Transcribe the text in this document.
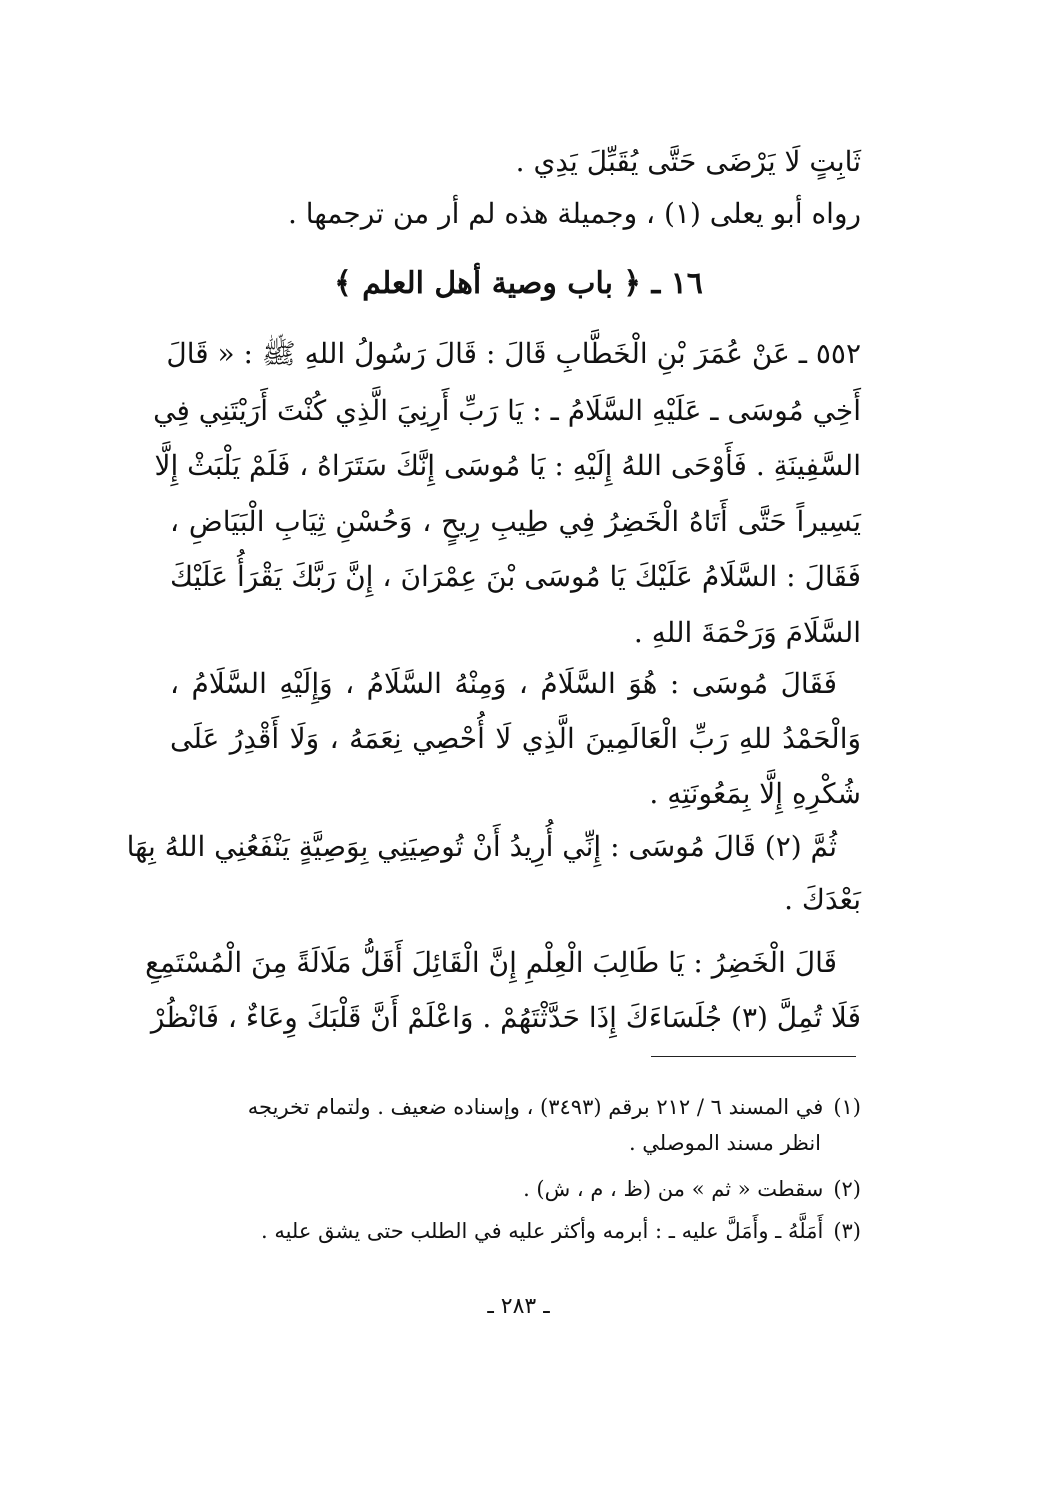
ثَابِتٍ لَا يَرْضَى حَتَّى يُقَبِّلَ يَدِي .
رواه أبو يعلى (١) ، وجميلة هذه لم أر من ترجمها .
١٦ ـ ﴿ باب وصية أهل العلم ﴾
٥٥٢ ـ عَنْ عُمَرَ بْنِ الْخَطَّابِ قَالَ : قَالَ رَسُولُ اللهِ ﷺ : « قَالَ
أَخِي مُوسَى ـ عَلَيْهِ السَّلَامُ ـ : يَا رَبِّ أَرِنِيَ الَّذِي كُنْتَ أَرَيْتَنِي فِي
السَّفِينَةِ . فَأَوْحَى اللهُ إِلَيْهِ : يَا مُوسَى إِنَّكَ سَتَرَاهُ ، فَلَمْ يَلْبَثْ إِلَّا
يَسِيراً حَتَّى أَتَاهُ الْخَضِرُ فِي طِيبِ رِيحٍ ، وَحُسْنِ ثِيَابِ الْبَيَاضِ ،
فَقَالَ : السَّلَامُ عَلَيْكَ يَا مُوسَى بْنَ عِمْرَانَ ، إِنَّ رَبَّكَ يَقْرَأُ عَلَيْكَ
السَّلَامَ وَرَحْمَةَ اللهِ .
فَقَالَ مُوسَى : هُوَ السَّلَامُ ، وَمِنْهُ السَّلَامُ ، وَإِلَيْهِ السَّلَامُ ،
وَالْحَمْدُ للهِ رَبِّ الْعَالَمِينَ الَّذِي لَا أُحْصِي نِعَمَهُ ، وَلَا أَقْدِرُ عَلَى
شُكْرِهِ إِلَّا بِمَعُونَتِهِ .
ثُمَّ (٢) قَالَ مُوسَى : إِنِّي أُرِيدُ أَنْ تُوصِيَنِي بِوَصِيَّةٍ يَنْفَعُنِي اللهُ بِهَا
بَعْدَكَ .
قَالَ الْخَضِرُ : يَا طَالِبَ الْعِلْمِ إِنَّ الْقَائِلَ أَقَلُّ مَلَالَةً مِنَ الْمُسْتَمِعِ
فَلَا تُمِلَّ (٣) جُلَسَاءَكَ إِذَا حَدَّثْتَهُمْ . وَاعْلَمْ أَنَّ قَلْبَكَ وِعَاءٌ ، فَانْظُرْ
(١)في المسند ٦ / ٢١٢ برقم (٣٤٩٣) ، وإسناده ضعيف . ولتمام تخريجه
انظر مسند الموصلي .
(٢)سقطت « ثم » من (ظ ، م ، ش) .
(٣)أَمَلَّهُ ـ وأَمَلَّ عليه ـ : أبرمه وأكثر عليه في الطلب حتى يشق عليه .
ـ ٢٨٣ ـ
